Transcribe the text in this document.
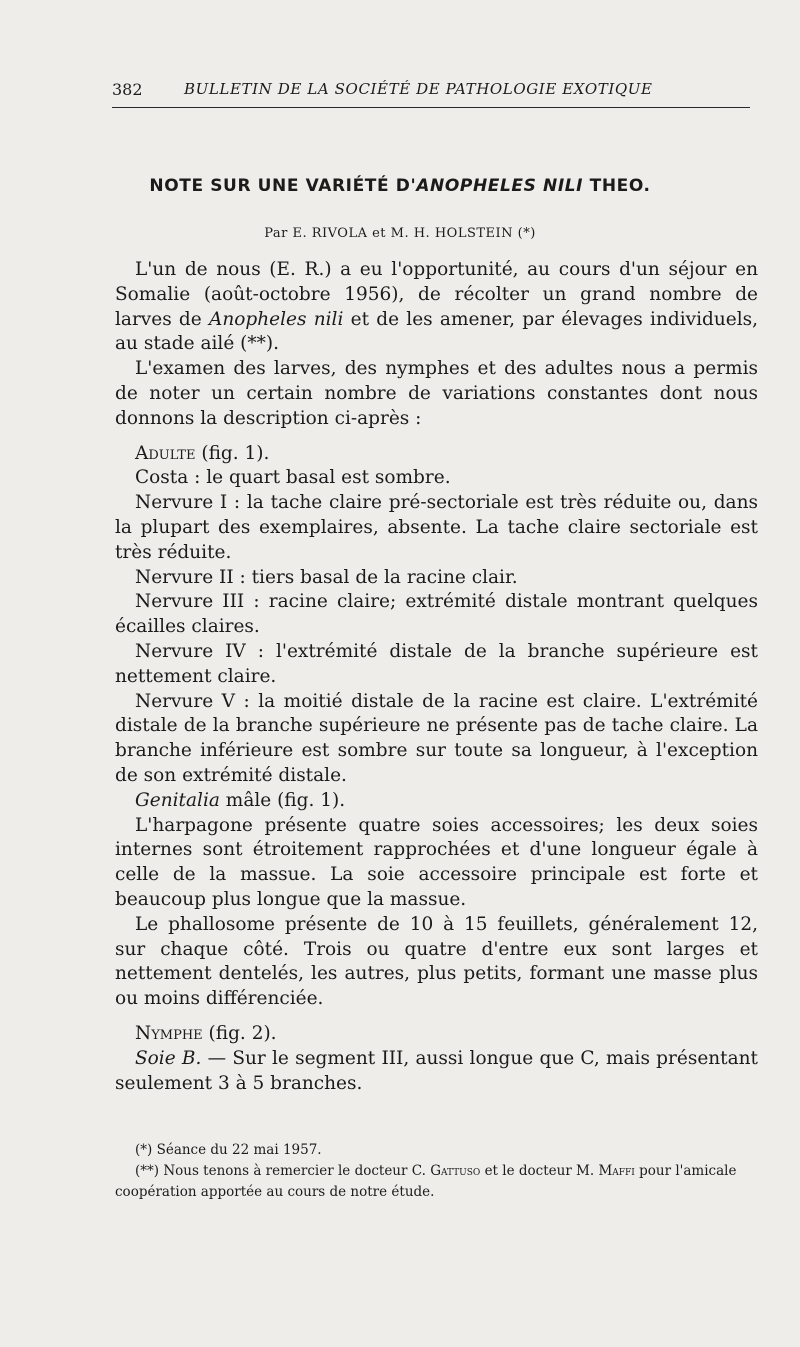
382	BULLETIN DE LA SOCIÉTÉ DE PATHOLOGIE EXOTIQUE
NOTE SUR UNE VARIÉTÉ D'ANOPHELES NILI THEO.
Par E. RIVOLA et M. H. HOLSTEIN (*)

L'un de nous (E. R.) a eu l'opportunité, au cours d'un séjour en Somalie (août-octobre 1956), de récolter un grand nombre de larves de Anopheles nili et de les amener, par élevages individuels, au stade ailé (**).

L'examen des larves, des nymphes et des adultes nous a permis de noter un certain nombre de variations constantes dont nous donnons la description ci-après :

Adulte (fig. 1).

Costa : le quart basal est sombre.

Nervure I : la tache claire pré-sectoriale est très réduite ou, dans la plupart des exemplaires, absente. La tache claire sectoriale est très réduite.

Nervure II : tiers basal de la racine clair.

Nervure III : racine claire; extrémité distale montrant quelques écailles claires.

Nervure IV : l'extrémité distale de la branche supérieure est nettement claire.

Nervure V : la moitié distale de la racine est claire. L'extrémité distale de la branche supérieure ne présente pas de tache claire. La branche inférieure est sombre sur toute sa longueur, à l'exception de son extrémité distale.

Genitalia mâle (fig. 1).

L'harpagone présente quatre soies accessoires; les deux soies internes sont étroitement rapprochées et d'une longueur égale à celle de la massue. La soie accessoire principale est forte et beaucoup plus longue que la massue.

Le phallosome présente de 10 à 15 feuillets, généralement 12, sur chaque côté. Trois ou quatre d'entre eux sont larges et nettement dentelés, les autres, plus petits, formant une masse plus ou moins différenciée.

Nymphe (fig. 2).

Soie B. — Sur le segment III, aussi longue que C, mais présentant seulement 3 à 5 branches.

(*) Séance du 22 mai 1957.

(**) Nous tenons à remercier le docteur C. Gattuso et le docteur M. Maffi pour l'amicale coopération apportée au cours de notre étude.
